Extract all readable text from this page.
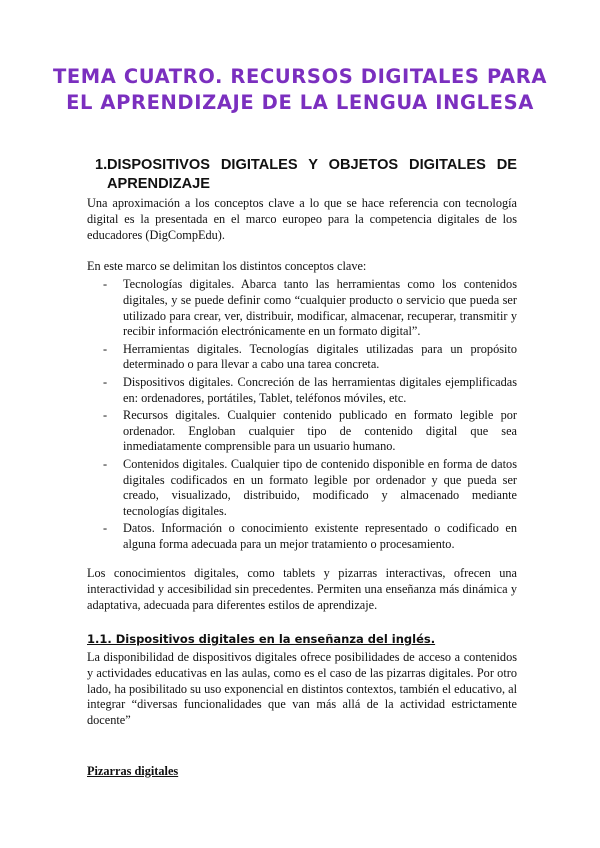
TEMA CUATRO. RECURSOS DIGITALES PARA EL APRENDIZAJE DE LA LENGUA INGLESA
1. DISPOSITIVOS DIGITALES Y OBJETOS DIGITALES DE
APRENDIZAJE

Una aproximación a los conceptos clave a lo que se hace referencia con tecnología digital es la presentada en el marco europeo para la competencia digitales de los educadores (DigCompEdu).

En este marco se delimitan los distintos conceptos clave:

- Tecnologías digitales. Abarca tanto las herramientas como los contenidos digitales, y se puede definir como “cualquier producto o servicio que pueda ser utilizado para crear, ver, distribuir, modificar, almacenar, recuperar, transmitir y recibir información electrónicamente en un formato digital”.
- Herramientas digitales. Tecnologías digitales utilizadas para un propósito determinado o para llevar a cabo una tarea concreta.
- Dispositivos digitales. Concreción de las herramientas digitales ejemplificadas en: ordenadores, portátiles, Tablet, teléfonos móviles, etc.
- Recursos digitales. Cualquier contenido publicado en formato legible por ordenador. Engloban cualquier tipo de contenido digital que sea inmediatamente comprensible para un usuario humano.
- Contenidos digitales. Cualquier tipo de contenido disponible en forma de datos digitales codificados en un formato legible por ordenador y que pueda ser creado, visualizado, distribuido, modificado y almacenado mediante tecnologías digitales.
- Datos. Información o conocimiento existente representado o codificado en alguna forma adecuada para un mejor tratamiento o procesamiento.

Los conocimientos digitales, como tablets y pizarras interactivas, ofrecen una interactividad y accesibilidad sin precedentes. Permiten una enseñanza más dinámica y adaptativa, adecuada para diferentes estilos de aprendizaje.

1.1. Dispositivos digitales en la enseñanza del inglés.

La disponibilidad de dispositivos digitales ofrece posibilidades de acceso a contenidos y actividades educativas en las aulas, como es el caso de las pizarras digitales. Por otro lado, ha posibilitado su uso exponencial en distintos contextos, también el educativo, al integrar “diversas funcionalidades que van más allá de la actividad estrictamente docente”

Pizarras digitales
